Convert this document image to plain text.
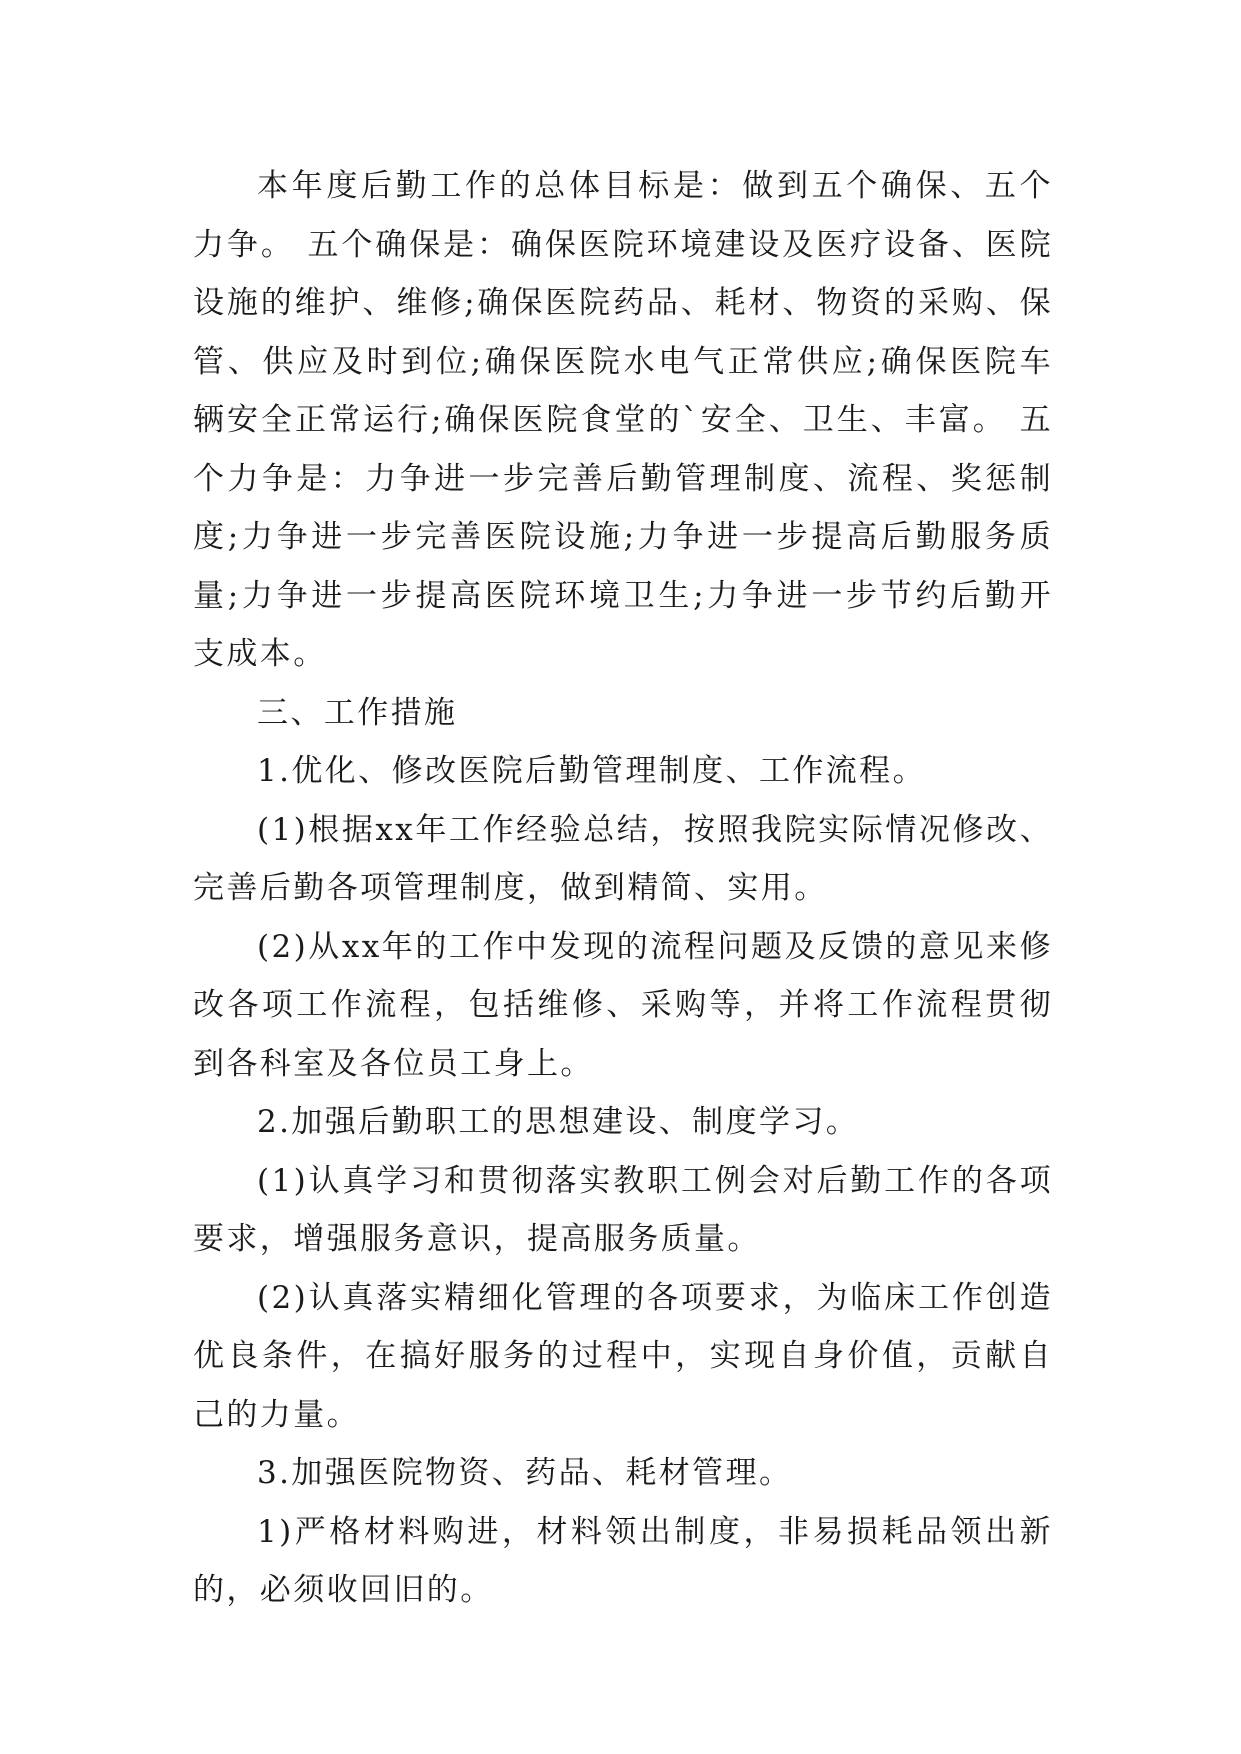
本年度后勤工作的总体目标是：做到五个确保、五个力争。 五个确保是：确保医院环境建设及医疗设备、医院设施的维护、维修;确保医院药品、耗材、物资的采购、保管、供应及时到位;确保医院水电气正常供应;确保医院车辆安全正常运行;确保医院食堂的`安全、卫生、丰富。 五个力争是：力争进一步完善后勤管理制度、流程、奖惩制度;力争进一步完善医院设施;力争进一步提高后勤服务质量;力争进一步提高医院环境卫生;力争进一步节约后勤开支成本。

三、工作措施

1.优化、修改医院后勤管理制度、工作流程。

(1)根据xx年工作经验总结，按照我院实际情况修改、完善后勤各项管理制度，做到精简、实用。

(2)从xx年的工作中发现的流程问题及反馈的意见来修改各项工作流程，包括维修、采购等，并将工作流程贯彻到各科室及各位员工身上。

2.加强后勤职工的思想建设、制度学习。

(1)认真学习和贯彻落实教职工例会对后勤工作的各项要求，增强服务意识，提高服务质量。

(2)认真落实精细化管理的各项要求，为临床工作创造优良条件，在搞好服务的过程中，实现自身价值，贡献自己的力量。

3.加强医院物资、药品、耗材管理。

1)严格材料购进，材料领出制度，非易损耗品领出新的，必须收回旧的。
